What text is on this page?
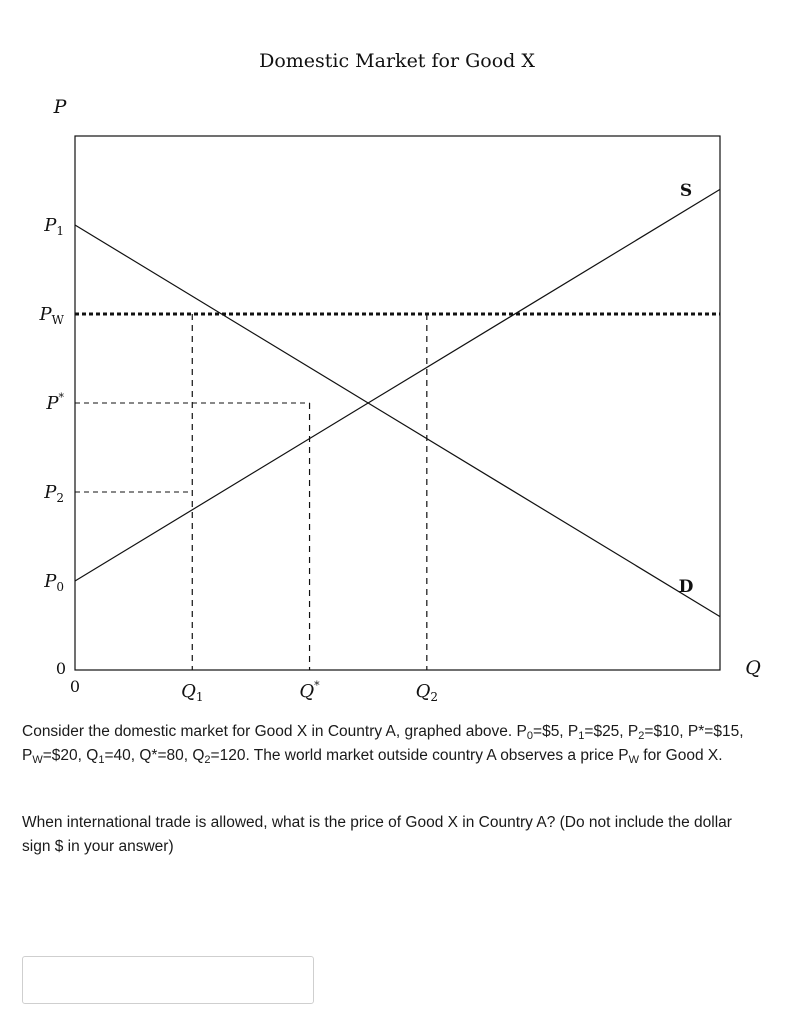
Domestic Market for Good X
P
Q
$P_W$
P*
$P_2$
$Q_1$	Q*	$Q_2$
$P_1$
$P_0$
S
D
0
0

Consider the domestic market for Good X in Country A, graphed above. $P_0=\$5$, $P_1=\$25$, $P_2=\$10$, P*=$15, $P_W=\$20$, $Q_1=40$, Q*=80, $Q_2=120$. The world market outside country A observes a price $P_W$ for Good X.

When international trade is allowed, what is the price of Good X in Country A? (Do not include the dollar sign $ in your answer)
